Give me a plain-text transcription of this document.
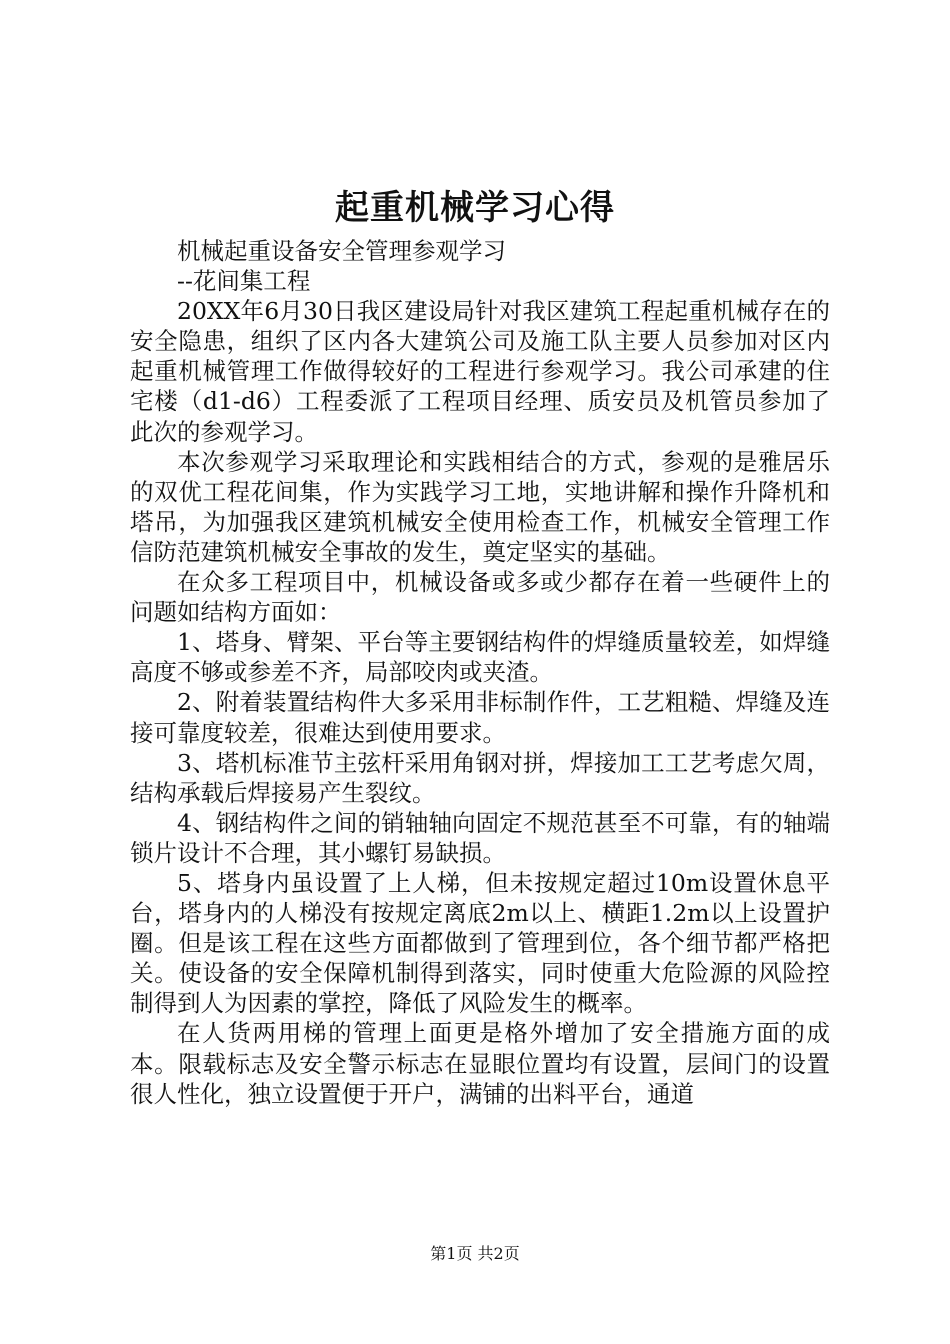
起重机械学习心得

机械起重设备安全管理参观学习

--花间集工程

20XX年6月30日我区建设局针对我区建筑工程起重机械存在的安全隐患，组织了区内各大建筑公司及施工队主要人员参加对区内起重机械管理工作做得较好的工程进行参观学习。我公司承建的住宅楼（d1-d6）工程委派了工程项目经理、质安员及机管员参加了此次的参观学习。

本次参观学习采取理论和实践相结合的方式，参观的是雅居乐的双优工程花间集，作为实践学习工地，实地讲解和操作升降机和塔吊，为加强我区建筑机械安全使用检查工作，机械安全管理工作信防范建筑机械安全事故的发生，奠定坚实的基础。

在众多工程项目中，机械设备或多或少都存在着一些硬件上的问题如结构方面如：

1、塔身、臂架、平台等主要钢结构件的焊缝质量较差，如焊缝高度不够或参差不齐，局部咬肉或夹渣。

2、附着装置结构件大多采用非标制作件，工艺粗糙、焊缝及连接可靠度较差，很难达到使用要求。

3、塔机标准节主弦杆采用角钢对拼，焊接加工工艺考虑欠周，结构承载后焊接易产生裂纹。

4、钢结构件之间的销轴轴向固定不规范甚至不可靠，有的轴端锁片设计不合理，其小螺钉易缺损。

5、塔身内虽设置了上人梯，但未按规定超过10m设置休息平台，塔身内的人梯没有按规定离底2m以上、横距1.2m以上设置护圈。但是该工程在这些方面都做到了管理到位，各个细节都严格把关。使设备的安全保障机制得到落实，同时使重大危险源的风险控制得到人为因素的掌控，降低了风险发生的概率。

在人货两用梯的管理上面更是格外增加了安全措施方面的成本。限载标志及安全警示标志在显眼位置均有设置，层间门的设置很人性化，独立设置便于开户，满铺的出料平台，通道

第1页 共2页
